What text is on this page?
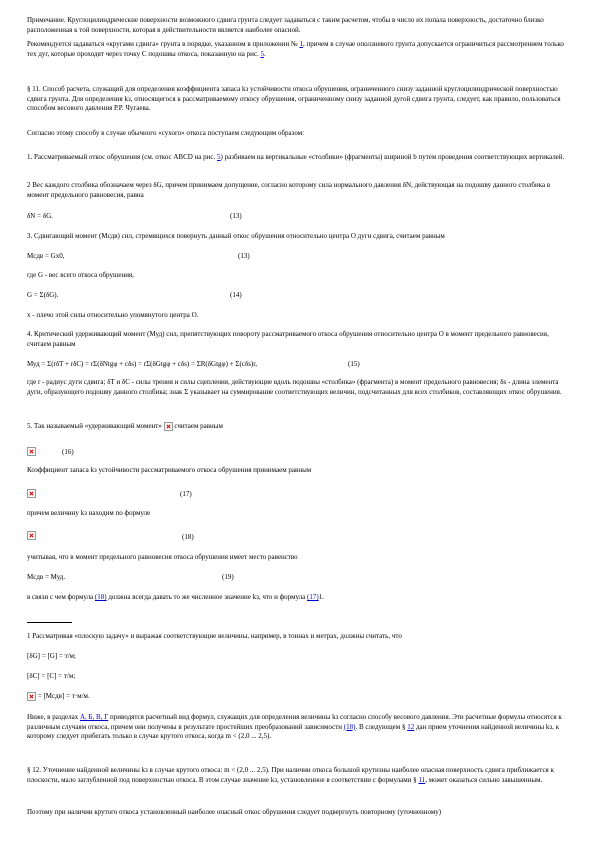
Примечание. Круглоцилиндрические поверхности возможного сдвига грунта следует задаваться с таким расчетом, чтобы в число их попала поверхность, достаточно близко расположенная к той поверхности, которая в действительности является наиболее опасной.

Рекомендуется задаваться «кругами сдвига» грунта в порядке, указанном в приложении № 1, причем в случае оползневого грунта допускается ограничиться рассмотрением только тех дуг, которые проходят через точку С подошвы откоса, показанную на рис. 5.

§ 11. Способ расчета, служащий для определения коэффициента запаса kз устойчивости откоса обрушения, ограниченного снизу заданной круглоцилиндрической поверхностью сдвига грунта. Для определения kз, относящегося к рассматриваемому откосу обрушения, ограниченному снизу заданной дугой сдвига грунта, следует, как правило, пользоваться способом весового давления Р.Р. Чугаева.

Согласно этому способу в случае обычного «сухого» откоса поступаем следующим образом:

1. Рассматриваемый откос обрушения (см. откос ABCD на рис. 5) разбиваем на вертикальные «столбики» (фрагменты) шириной b путем проведения соответствующих вертикалей.

2 Вес каждого столбика обозначаем через δG, причем принимаем допущение, согласно которому сила нормального давления δN, действующая на подошву данного столбика в момент предельного равновесия, равна

δN = δG.	(13)

3. Сдвигающий момент (Мсдв) сил, стремящихся повернуть данный откос обрушения относительно центра О дуги сдвига, считаем равным

Mсдв = Gx0,	(13)

где G - вес всего откоса обрушения,

G = Σ(δG).	(14)

х - плечо этой силы относительно упомянутого центра О.

4. Критический удерживающий момент (Муд) сил, препятствующих повороту рассматриваемого откоса обрушения относительно центра О в момент предельного равновесия, считаем равным

Муд = Σ(rδT + rδC) = rΣ(δNtgφ + cδs) = rΣ(δGtgφ + cδs) = ΣR(δGtgφ) + Σ(cδs)r,	(15)

где r - радиус дуги сдвига; δT и δC - силы трения и силы сцепления, действующие вдоль подошвы «столбика» (фрагмента) в момент предельного равновесия; δs - длина элемента дуги, образующего подошву данного столбика; знак Σ указывает на суммирование соответствующих величин, подсчитанных для всех столбиков, составляющих откос обрушения.

5. Так называемый «удерживающий момент» считаем равным
(16)

Коэффициент запаса kз устойчивости рассматриваемого откоса обрушения принимаем равным

(17)

причем величину kз находим по формуле

(18)

учитывая, что в момент предельного равновесия откоса обрушения имеет место равенство

Мсдв = Муд.	(19)

в связи с чем формула (18) должна всегда давать то же численное значение kз, что и формула (17)1.

1 Рассматривая «плоскую задачу» и выражая соответствующие величины, например, в тоннах и метрах, должны считать, что

[δG] = [G] = т/м;
[δC] = [C] = т/м;
= [Мсдв] = т·м/м.

Ниже, в разделах А, Б, В, Г приводятся расчетный вид формул, служащих для определения величины kз согласно способу весового давления. Эти расчетные формулы относятся к различным случаям откоса, причем они получены в результате простейших преобразований зависимости (18). В следующем § 12 дан прием уточнения найденной величины kз, к которому следует прибегать только в случае крутого откоса, когда m < (2,0 ... 2,5).

§ 12. Уточнение найденной величины kз в случае крутого откоса: m < (2,0 ... 2,5). При наличии откоса большой крутизны наиболее опасная поверхность сдвига приближается к плоскости, мало заглубленной под поверхностью откоса. В этом случае значение kз, установленное в соответствии с формулами § 11, может оказаться сильно завышенным.

Поэтому при наличии крутого откоса установленный наиболее опасный откос обрушения следует подвергнуть повторному (уточненному)
